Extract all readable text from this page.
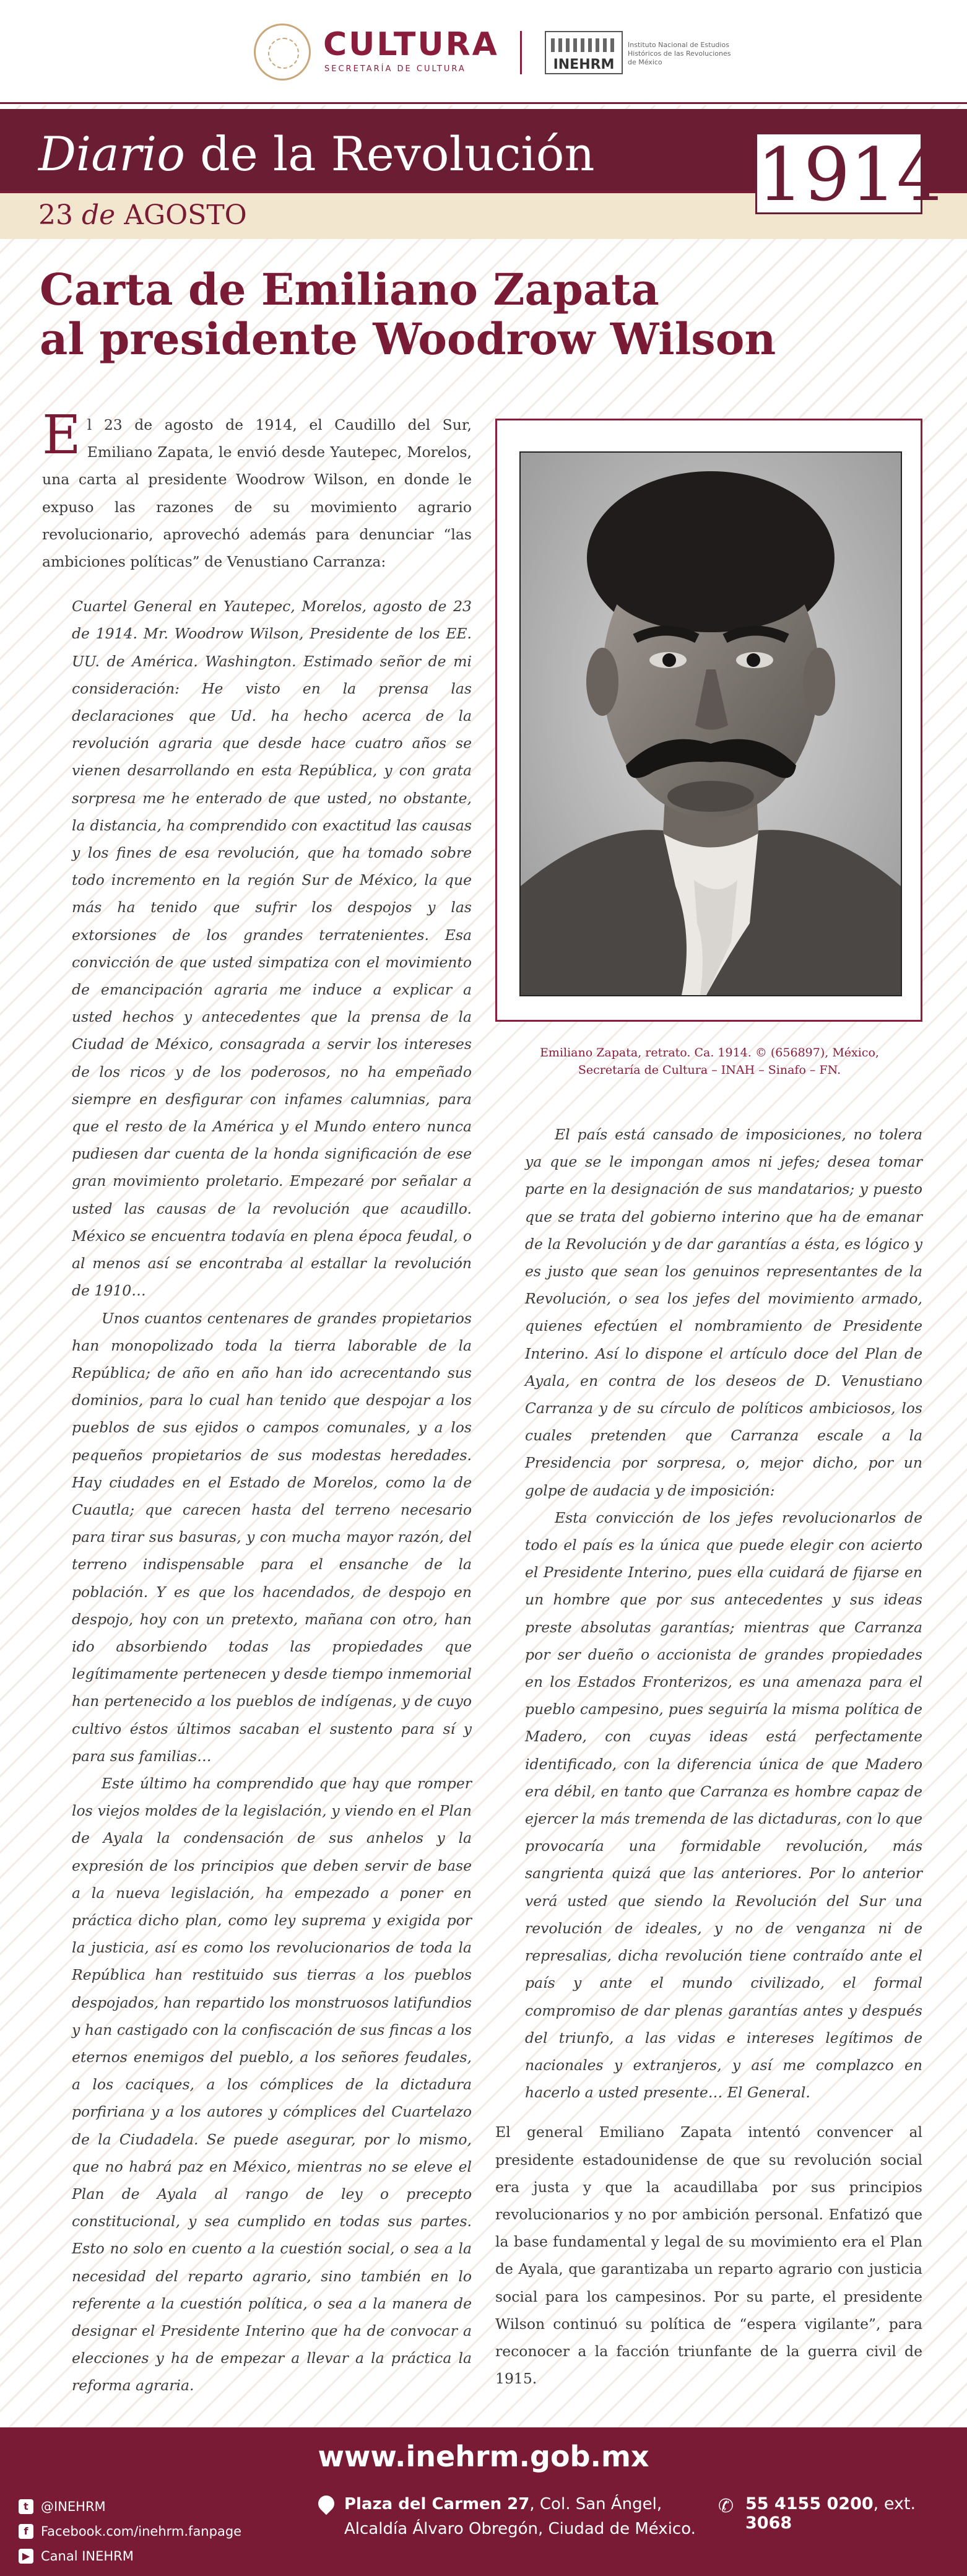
CULTURA
SECRETARÍA DE CULTURA	INEHRM
Instituto Nacional de Estudios Históricos de las Revoluciones de México
Diario de la Revolución
23 de AGOSTO	1914
Carta de Emiliano Zapata
al presidente Woodrow Wilson

El 23 de agosto de 1914, el Caudillo del Sur, Emiliano Zapata, le envió desde Yautepec, Morelos, una carta al presidente Woodrow Wilson, en donde le expuso las razones de su movimiento agrario revolucionario, aprovechó además para denunciar “las ambiciones políticas” de Venustiano Carranza:

Cuartel General en Yautepec, Morelos, agosto de 23 de 1914. Mr. Woodrow Wilson, Presidente de los EE. UU. de América. Washington. Estimado señor de mi consideración: He visto en la prensa las declaraciones que Ud. ha hecho acerca de la revolución agraria que desde hace cuatro años se vienen desarrollando en esta República, y con grata sorpresa me he enterado de que usted, no obstante, la distancia, ha comprendido con exactitud las causas y los fines de esa revolución, que ha tomado sobre todo incremento en la región Sur de México, la que más ha tenido que sufrir los despojos y las extorsiones de los grandes terratenientes. Esa convicción de que usted simpatiza con el movimiento de emancipación agraria me induce a explicar a usted hechos y antecedentes que la prensa de la Ciudad de México, consagrada a servir los intereses de los ricos y de los poderosos, no ha empeñado siempre en desfigurar con infames calumnias, para que el resto de la América y el Mundo entero nunca pudiesen dar cuenta de la honda significación de ese gran movimiento proletario. Empezaré por señalar a usted las causas de la revolución que acaudillo. México se encuentra todavía en plena época feudal, o al menos así se encontraba al estallar la revolución de 1910…

Unos cuantos centenares de grandes propietarios han monopolizado toda la tierra laborable de la República; de año en año han ido acrecentando sus dominios, para lo cual han tenido que despojar a los pueblos de sus ejidos o campos comunales, y a los pequeños propietarios de sus modestas heredades. Hay ciudades en el Estado de Morelos, como la de Cuautla; que carecen hasta del terreno necesario para tirar sus basuras, y con mucha mayor razón, del terreno indispensable para el ensanche de la población. Y es que los hacendados, de despojo en despojo, hoy con un pretexto, mañana con otro, han ido absorbiendo todas las propiedades que legítimamente pertenecen y desde tiempo inmemorial han pertenecido a los pueblos de indígenas, y de cuyo cultivo éstos últimos sacaban el sustento para sí y para sus familias…

Este último ha comprendido que hay que romper los viejos moldes de la legislación, y viendo en el Plan de Ayala la condensación de sus anhelos y la expresión de los principios que deben servir de base a la nueva legislación, ha empezado a poner en práctica dicho plan, como ley suprema y exigida por la justicia, así es como los revolucionarios de toda la República han restituido sus tierras a los pueblos despojados, han repartido los monstruosos latifundios y han castigado con la confiscación de sus fincas a los eternos enemigos del pueblo, a los señores feudales, a los caciques, a los cómplices de la dictadura porfiriana y a los autores y cómplices del Cuartelazo de la Ciudadela. Se puede asegurar, por lo mismo, que no habrá paz en México, mientras no se eleve el Plan de Ayala al rango de ley o precepto constitucional, y sea cumplido en todas sus partes. Esto no solo en cuento a la cuestión social, o sea a la necesidad del reparto agrario, sino también en lo referente a la cuestión política, o sea a la manera de designar el Presidente Interino que ha de convocar a elecciones y ha de empezar a llevar a la práctica la reforma agraria.

Emiliano Zapata, retrato. Ca. 1914. © (656897), México, Secretaría de Cultura – INAH – Sinafo – FN.

El país está cansado de imposiciones, no tolera ya que se le impongan amos ni jefes; desea tomar parte en la designación de sus mandatarios; y puesto que se trata del gobierno interino que ha de emanar de la Revolución y de dar garantías a ésta, es lógico y es justo que sean los genuinos representantes de la Revolución, o sea los jefes del movimiento armado, quienes efectúen el nombramiento de Presidente Interino. Así lo dispone el artículo doce del Plan de Ayala, en contra de los deseos de D. Venustiano Carranza y de su círculo de políticos ambiciosos, los cuales pretenden que Carranza escale a la Presidencia por sorpresa, o, mejor dicho, por un golpe de audacia y de imposición:

Esta convicción de los jefes revolucionarlos de todo el país es la única que puede elegir con acierto el Presidente Interino, pues ella cuidará de fijarse en un hombre que por sus antecedentes y sus ideas preste absolutas garantías; mientras que Carranza por ser dueño o accionista de grandes propiedades en los Estados Fronterizos, es una amenaza para el pueblo campesino, pues seguiría la misma política de Madero, con cuyas ideas está perfectamente identificado, con la diferencia única de que Madero era débil, en tanto que Carranza es hombre capaz de ejercer la más tremenda de las dictaduras, con lo que provocaría una formidable revolución, más sangrienta quizá que las anteriores. Por lo anterior verá usted que siendo la Revolución del Sur una revolución de ideales, y no de venganza ni de represalias, dicha revolución tiene contraído ante el país y ante el mundo civilizado, el formal compromiso de dar plenas garantías antes y después del triunfo, a las vidas e intereses legítimos de nacionales y extranjeros, y así me complazco en hacerlo a usted presente… El General.

El general Emiliano Zapata intentó convencer al presidente estadounidense de que su revolución social era justa y que la acaudillaba por sus principios revolucionarios y no por ambición personal. Enfatizó que la base fundamental y legal de su movimiento era el Plan de Ayala, que garantizaba un reparto agrario con justicia social para los campesinos. Por su parte, el presidente Wilson continuó su política de “espera vigilante”, para reconocer a la facción triunfante de la guerra civil de 1915.

www.inehrm.gob.mx
t @INEHRM
f Facebook.com/inehrm.fanpage
▶ Canal INEHRM
Plaza del Carmen 27, Col. San Ángel,
Alcaldía Álvaro Obregón, Ciudad de México.
✆ 55 4155 0200, ext. 3068
